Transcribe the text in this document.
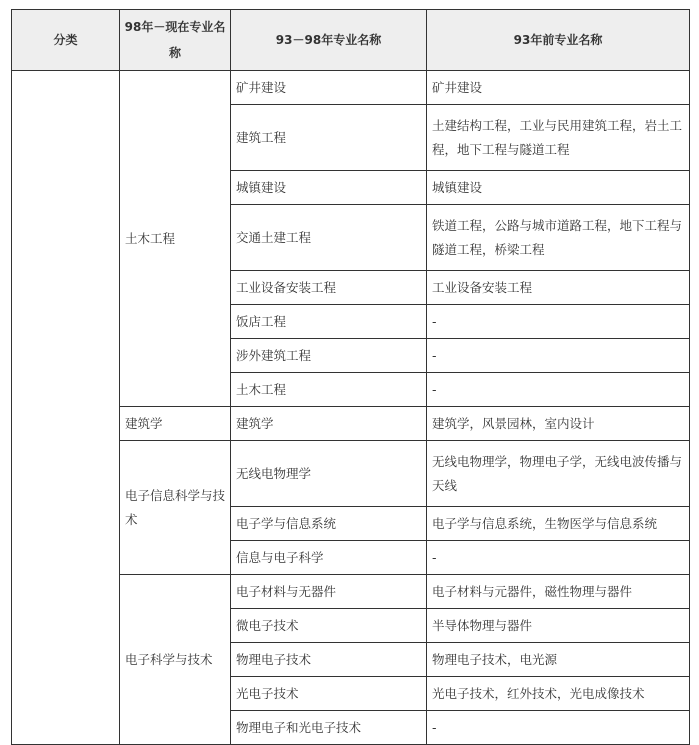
分类	98年－现在专业名称	93－98年专业名称	93年前专业名称
	土木工程	矿井建设	矿井建设
		建筑工程	土建结构工程，工业与民用建筑工程，岩土工程，地下工程与隧道工程
		城镇建设	城镇建设
		交通土建工程	铁道工程，公路与城市道路工程，地下工程与隧道工程，桥梁工程
		工业设备安装工程	工业设备安装工程
		饭店工程	-
		涉外建筑工程	-
		土木工程	-
	建筑学	建筑学	建筑学，风景园林，室内设计
	电子信息科学与技术	无线电物理学	无线电物理学，物理电子学，无线电波传播与天线
		电子学与信息系统	电子学与信息系统，生物医学与信息系统
		信息与电子科学	-
	电子科学与技术	电子材料与无器件	电子材料与元器件，磁性物理与器件
		微电子技术	半导体物理与器件
		物理电子技术	物理电子技术，电光源
		光电子技术	光电子技术，红外技术，光电成像技术
		物理电子和光电子技术	-
